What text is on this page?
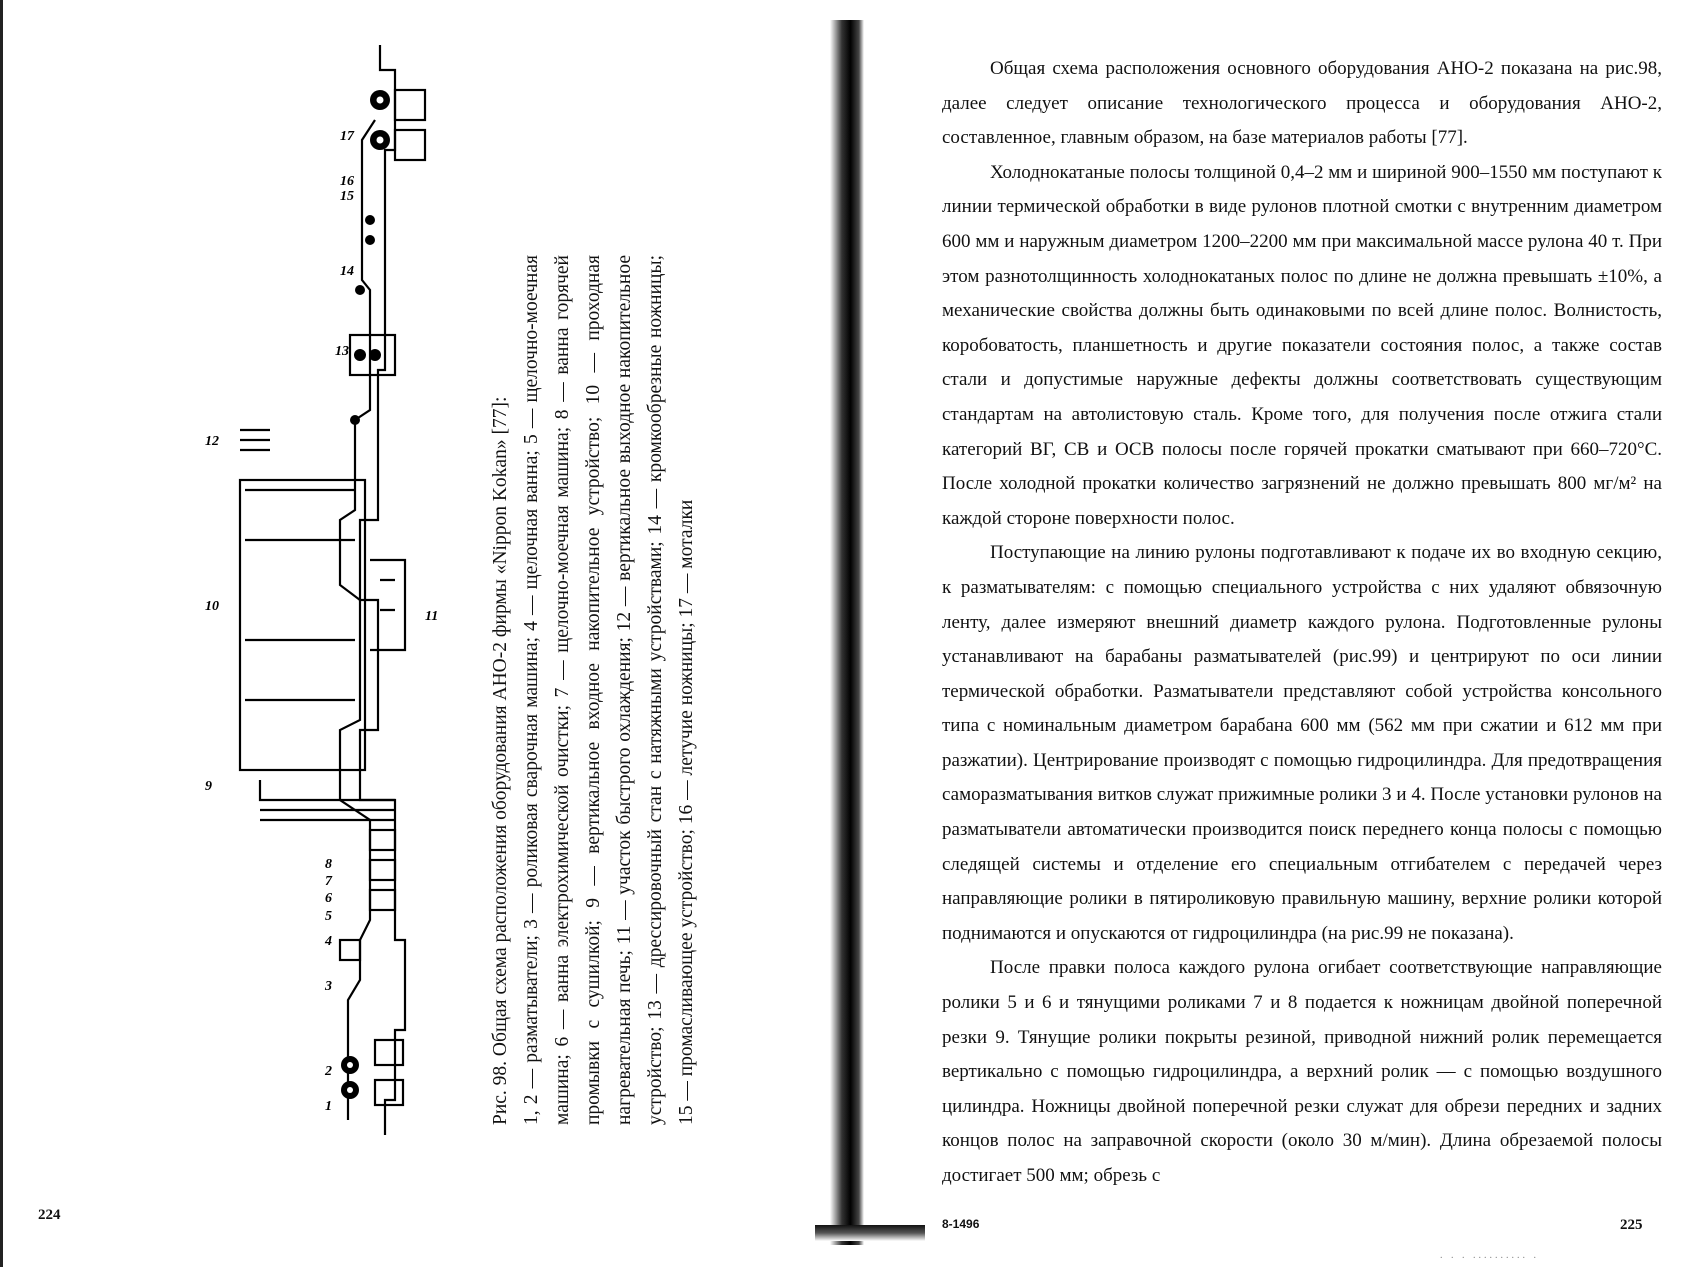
1
2
3
4
5
6
7
8
9
10
11
12
13
14
15
16
17
Рис. 98. Общая схема расположения оборудования АНО-2 фирмы «Nippon Kokan» [77]: 1, 2 — разматыватели; 3 — роликовая сварочная машина; 4 — щелочная ванна; 5 — щелочно-моечная машина; 6 — ванна электрохимической очистки; 7 — щелочно-моечная машина; 8 — ванна горячей промывки с сушилкой; 9 — вертикальное входное накопительное устройство; 10 — проходная нагревательная печь; 11 — участок быстрого охлаждения; 12 — вертикальное выходное накопительное устройство; 13 — дрессировочный стан с натяжными устройствами; 14 — кромкообрезные ножницы; 15 — промасливающее устройство; 16 — летучие ножницы; 17 — моталки
224

Общая схема расположения основного оборудования АНО-2 показана на рис.98, далее следует описание технологического процесса и оборудования АНО-2, составленное, главным образом, на базе материалов работы [77].

Холоднокатаные полосы толщиной 0,4–2 мм и шириной 900–1550 мм поступают к линии термической обработки в виде рулонов плотной смотки с внутренним диаметром 600 мм и наружным диаметром 1200–2200 мм при максимальной массе рулона 40 т. При этом разнотолщинность холоднокатаных полос по длине не должна превышать ±10%, а механические свойства должны быть одинаковыми по всей длине полос. Волнистость, коробоватость, планшетность и другие показатели состояния полос, а также состав стали и допустимые наружные дефекты должны соответствовать существующим стандартам на автолистовую сталь. Кроме того, для получения после отжига стали категорий ВГ, СВ и ОСВ полосы после горячей прокатки сматывают при 660–720°С. После холодной прокатки количество загрязнений не должно превышать 800 мг/м² на каждой стороне поверхности полос.

Поступающие на линию рулоны подготавливают к подаче их во входную секцию, к разматывателям: с помощью специального устройства с них удаляют обвязочную ленту, далее измеряют внешний диаметр каждого рулона. Подготовленные рулоны устанавливают на барабаны разматывателей (рис.99) и центрируют по оси линии термической обработки. Разматыватели представляют собой устройства консольного типа с номинальным диаметром барабана 600 мм (562 мм при сжатии и 612 мм при разжатии). Центрирование производят с помощью гидроцилиндра. Для предотвращения саморазматывания витков служат прижимные ролики 3 и 4. После установки рулонов на разматыватели автоматически производится поиск переднего конца полосы с помощью следящей системы и отделение его специальным отгибателем с передачей через направляющие ролики в пятироликовую правильную машину, верхние ролики которой поднимаются и опускаются от гидроцилиндра (на рис.99 не показана).

После правки полоса каждого рулона огибает соответствующие направляющие ролики 5 и 6 и тянущими роликами 7 и 8 подается к ножницам двойной поперечной резки 9. Тянущие ролики покрыты резиной, приводной нижний ролик перемещается вертикально с помощью гидроцилиндра, а верхний ролик — с помощью воздушного цилиндра. Ножницы двойной поперечной резки служат для обрези передних и задних концов полос на заправочной скорости (около 30 м/мин). Длина обрезаемой полосы достигает 500 мм; обрезь с

8-1496	225
. . . .......... .
